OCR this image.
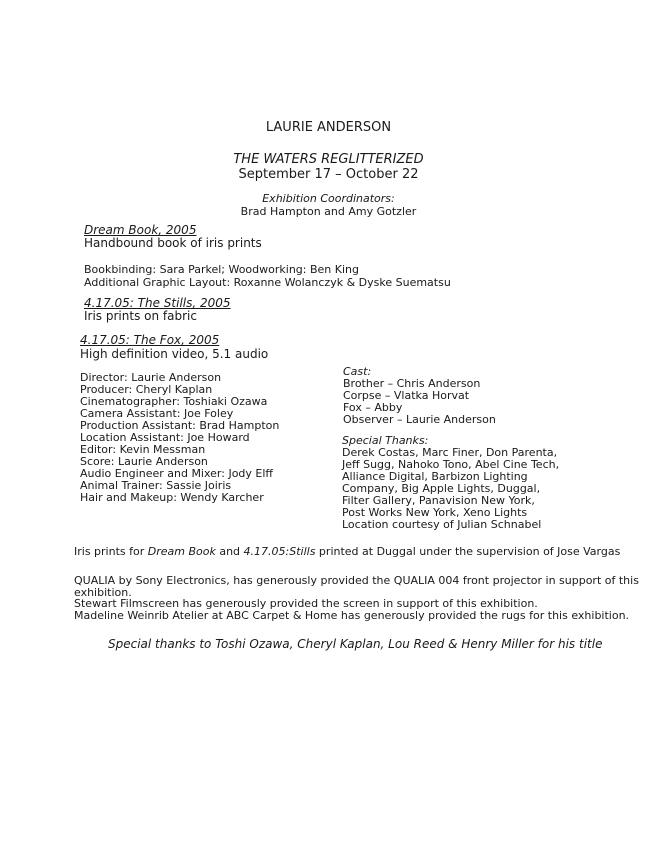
LAURIE ANDERSON
THE WATERS REGLITTERIZED
September 17 – October 22
Exhibition Coordinators:
Brad Hampton and Amy Gotzler
Dream Book, 2005
Handbound book of iris prints
Bookbinding: Sara Parkel; Woodworking: Ben King
Additional Graphic Layout: Roxanne Wolanczyk & Dyske Suematsu
4.17.05: The Stills, 2005
Iris prints on fabric
4.17.05: The Fox, 2005
High definition video, 5.1 audio
Director: Laurie Anderson
Producer: Cheryl Kaplan
Cinematographer: Toshiaki Ozawa
Camera Assistant: Joe Foley
Production Assistant: Brad Hampton
Location Assistant: Joe Howard
Editor: Kevin Messman
Score: Laurie Anderson
Audio Engineer and Mixer: Jody Elff
Animal Trainer: Sassie Joiris
Hair and Makeup: Wendy Karcher
Cast:
Brother – Chris Anderson
Corpse – Vlatka Horvat
Fox – Abby
Observer – Laurie Anderson
Special Thanks:
Derek Costas, Marc Finer, Don Parenta,
Jeff Sugg, Nahoko Tono, Abel Cine Tech,
Alliance Digital, Barbizon Lighting
Company, Big Apple Lights, Duggal,
Filter Gallery, Panavision New York,
Post Works New York, Xeno Lights
Location courtesy of Julian Schnabel
Iris prints for Dream Book and 4.17.05:Stills printed at Duggal under the supervision of Jose Vargas
QUALIA by Sony Electronics, has generously provided the QUALIA 004 front projector in support of this
exhibition.
Stewart Filmscreen has generously provided the screen in support of this exhibition.
Madeline Weinrib Atelier at ABC Carpet & Home has generously provided the rugs for this exhibition.
Special thanks to Toshi Ozawa, Cheryl Kaplan, Lou Reed & Henry Miller for his title
